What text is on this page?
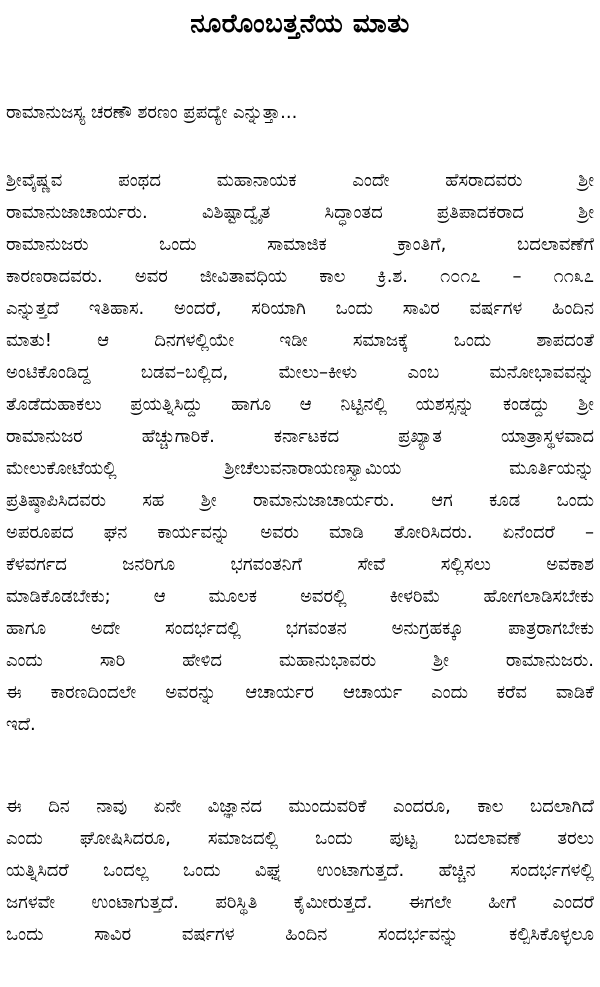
ನೂರೊಂಬತ್ತನೆಯ ಮಾತು
ರಾಮಾನುಜಸ್ಯ ಚರಣೌ ಶರಣಂ ಪ್ರಪದ್ಯೇ ಎನ್ನುತ್ತಾ...
ಶ್ರೀವೈಷ್ಣವ ಪಂಥದ ಮಹಾನಾಯಕ ಎಂದೇ ಹೆಸರಾದವರು ಶ್ರೀ
ರಾಮಾನುಜಾಚಾರ್ಯರು. ವಿಶಿಷ್ಟಾದ್ವೈತ ಸಿದ್ಧಾಂತದ ಪ್ರತಿಪಾದಕರಾದ ಶ್ರೀ
ರಾಮಾನುಜರು ಒಂದು ಸಾಮಾಜಿಕ ಕ್ರಾಂತಿಗೆ, ಬದಲಾವಣೆಗೆ
ಕಾರಣರಾದವರು. ಅವರ ಜೀವಿತಾವಧಿಯ ಕಾಲ ಕ್ರಿ.ಶ. ೧೦೧೭ – ೧೧೩೭
ಎನ್ನುತ್ತದೆ ಇತಿಹಾಸ. ಅಂದರೆ, ಸರಿಯಾಗಿ ಒಂದು ಸಾವಿರ ವರ್ಷಗಳ ಹಿಂದಿನ
ಮಾತು! ಆ ದಿನಗಳಲ್ಲಿಯೇ ಇಡೀ ಸಮಾಜಕ್ಕೆ ಒಂದು ಶಾಪದಂತೆ
ಅಂಟಿಕೊಂಡಿದ್ದ ಬಡವ–ಬಲ್ಲಿದ, ಮೇಲು–ಕೀಳು ಎಂಬ ಮನೋಭಾವವನ್ನು
ತೊಡೆದುಹಾಕಲು ಪ್ರಯತ್ನಿಸಿದ್ದು ಹಾಗೂ ಆ ನಿಟ್ಟಿನಲ್ಲಿ ಯಶಸ್ಸನ್ನು ಕಂಡದ್ದು ಶ್ರೀ
ರಾಮಾನುಜರ ಹೆಚ್ಚುಗಾರಿಕೆ. ಕರ್ನಾಟಕದ ಪ್ರಖ್ಯಾತ ಯಾತ್ರಾಸ್ಥಳವಾದ
ಮೇಲುಕೋಟೆಯಲ್ಲಿ ಶ್ರೀಚೆಲುವನಾರಾಯಣಸ್ವಾಮಿಯ ಮೂರ್ತಿಯನ್ನು
ಪ್ರತಿಷ್ಠಾಪಿಸಿದವರು ಸಹ ಶ್ರೀ ರಾಮಾನುಜಾಚಾರ್ಯರು. ಆಗ ಕೂಡ ಒಂದು
ಅಪರೂಪದ ಘನ ಕಾರ್ಯವನ್ನು ಅವರು ಮಾಡಿ ತೋರಿಸಿದರು. ಏನೆಂದರೆ –
ಕೆಳವರ್ಗದ ಜನರಿಗೂ ಭಗವಂತನಿಗೆ ಸೇವೆ ಸಲ್ಲಿಸಲು ಅವಕಾಶ
ಮಾಡಿಕೊಡಬೇಕು; ಆ ಮೂಲಕ ಅವರಲ್ಲಿ ಕೀಳರಿಮೆ ಹೋಗಲಾಡಿಸಬೇಕು
ಹಾಗೂ ಅದೇ ಸಂದರ್ಭದಲ್ಲಿ ಭಗವಂತನ ಅನುಗ್ರಹಕ್ಕೂ ಪಾತ್ರರಾಗಬೇಕು
ಎಂದು ಸಾರಿ ಹೇಳಿದ ಮಹಾನುಭಾವರು ಶ್ರೀ ರಾಮಾನುಜರು.
ಈ ಕಾರಣದಿಂದಲೇ ಅವರನ್ನು ಆಚಾರ್ಯರ ಆಚಾರ್ಯ ಎಂದು ಕರೆವ ವಾಡಿಕೆ
ಇದೆ.
ಈ ದಿನ ನಾವು ಏನೇ ವಿಜ್ಞಾನದ ಮುಂದುವರಿಕೆ ಎಂದರೂ, ಕಾಲ ಬದಲಾಗಿದೆ
ಎಂದು ಘೋಷಿಸಿದರೂ, ಸಮಾಜದಲ್ಲಿ ಒಂದು ಪುಟ್ಟ ಬದಲಾವಣೆ ತರಲು
ಯತ್ನಿಸಿದರೆ ಒಂದಲ್ಲ ಒಂದು ವಿಘ್ನ ಉಂಟಾಗುತ್ತದೆ. ಹೆಚ್ಚಿನ ಸಂದರ್ಭಗಳಲ್ಲಿ
ಜಗಳವೇ ಉಂಟಾಗುತ್ತದೆ. ಪರಿಸ್ಥಿತಿ ಕೈಮೀರುತ್ತದೆ. ಈಗಲೇ ಹೀಗೆ ಎಂದರೆ
ಒಂದು ಸಾವಿರ ವರ್ಷಗಳ ಹಿಂದಿನ ಸಂದರ್ಭವನ್ನು ಕಲ್ಪಿಸಿಕೊಳ್ಳಲೂ
